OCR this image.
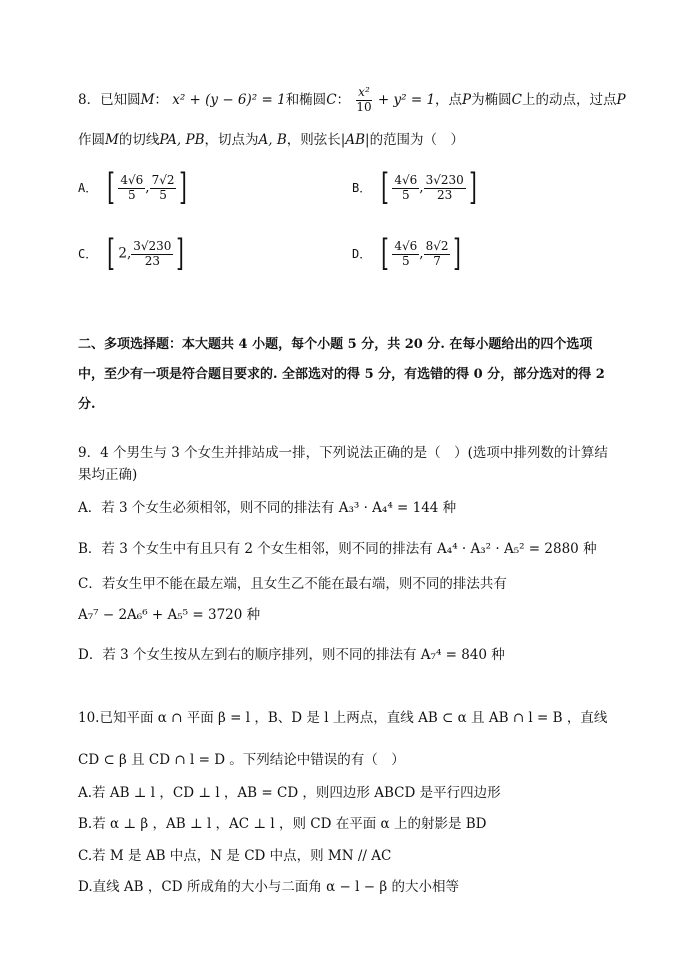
8．已知圆M： x² + (y − 6)² = 1和椭圆C： $\frac{\text{x²}}{10} + y^2 = 1$，点P为椭圆C上的动点，过点P
作圆M的切线PA, PB，切点为A, B，则弦长|AB|的范围为（　）
A． [ $\frac{4√6}{5}$ , $\frac{7√2}{5}$ ]	B． [ $\frac{4√6}{5}$ , $\frac{3√230}{23}$ ]
C． [ 2, $\frac{3√230}{23}$ ]	D． [ $\frac{4√6}{5}$ , $\frac{8√2}{7}$ ]
二、多项选择题：本大题共 4 小题，每个小题 5 分，共 20 分. 在每小题给出的四个选项中，至少有一项是符合题目要求的. 全部选对的得 5 分，有选错的得 0 分，部分选对的得 2 分.
9．4 个男生与 3 个女生并排站成一排，下列说法正确的是（　）(选项中排列数的计算结果均正确)
A．若 3 个女生必须相邻，则不同的排法有 A₃³ · A₄⁴ = 144 种
B．若 3 个女生中有且只有 2 个女生相邻，则不同的排法有 A₄⁴ · A₃² · A₅² = 2880 种
C．若女生甲不能在最左端，且女生乙不能在最右端，则不同的排法共有
A₇⁷ − 2A₆⁶ + A₅⁵ = 3720 种
D．若 3 个女生按从左到右的顺序排列，则不同的排法有 A₇⁴ = 840 种
10.已知平面 α ∩ 平面 β = l ，B、D 是 l 上两点，直线 AB ⊂ α 且 AB ∩ l = B ，直线
CD ⊂ β 且 CD ∩ l = D 。下列结论中错误的有（　）
A.若 AB ⊥ l ，CD ⊥ l ，AB = CD ，则四边形 ABCD 是平行四边形
B.若 α ⊥ β ，AB ⊥ l ，AC ⊥ l ，则 CD 在平面 α 上的射影是 BD
C.若 M 是 AB 中点，N 是 CD 中点，则 MN // AC
D.直线 AB ，CD 所成角的大小与二面角 α − l − β 的大小相等
